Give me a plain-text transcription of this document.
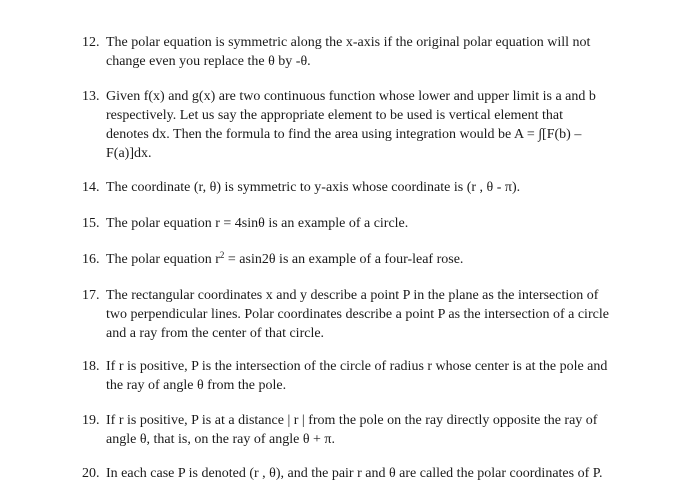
12. The polar equation is symmetric along the x-axis if the original polar equation will not
change even you replace the θ by -θ.
13. Given f(x) and g(x) are two continuous function whose lower and upper limit is a and b
respectively. Let us say the appropriate element to be used is vertical element that
denotes dx. Then the formula to find the area using integration would be A = ∫[F(b) –
F(a)]dx.
14. The coordinate (r, θ) is symmetric to y-axis whose coordinate is (r , θ - π).
15. The polar equation r = 4sinθ is an example of a circle.
16. The polar equation $r^2 = asin2\theta$ is an example of a four-leaf rose.
17. The rectangular coordinates x and y describe a point P in the plane as the intersection of
two perpendicular lines. Polar coordinates describe a point P as the intersection of a circle
and a ray from the center of that circle.
18. If r is positive, P is the intersection of the circle of radius r whose center is at the pole and
the ray of angle θ from the pole.
19. If r is positive, P is at a distance | r | from the pole on the ray directly opposite the ray of
angle θ, that is, on the ray of angle θ + π.
20. In each case P is denoted (r , θ), and the pair r and θ are called the polar coordinates of P.
